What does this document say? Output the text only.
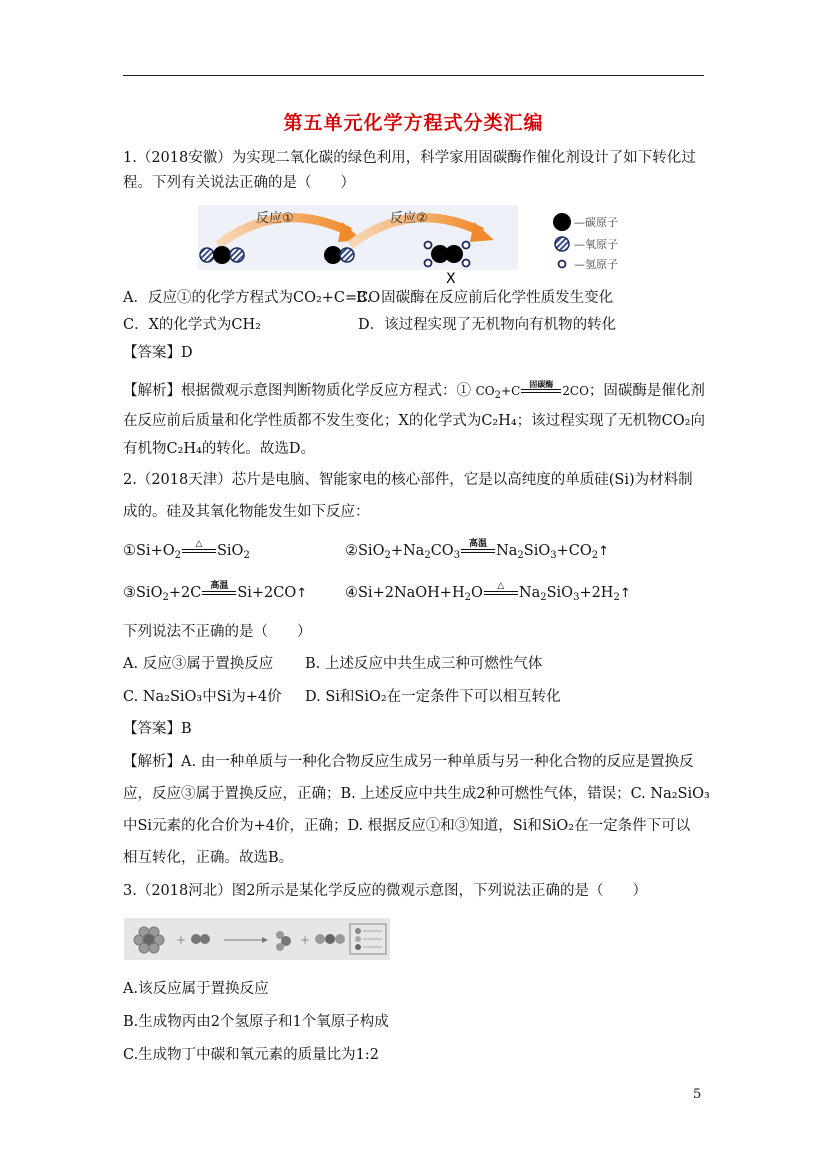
第五单元化学方程式分类汇编
1.（2018安徽）为实现二氧化碳的绿色利用，科学家用固碳酶作催化剂设计了如下转化过
程。下列有关说法正确的是（　　）
反应①	反应②
X
—碳原子
—氧原子
—氢原子
A．反应①的化学方程式为CO₂+C=CO
B．固碳酶在反应前后化学性质发生变化
C．X的化学式为CH₂	D．该过程实现了无机物向有机物的转化
【答案】D
【解析】根据微观示意图判断物质化学反应方程式：① $CO_2+C$	固碳酶 2CO；固碳酶是催化剂
在反应前后质量和化学性质都不发生变化；X的化学式为C₂H₄；该过程实现了无机物CO₂向
有机物C₂H₄的转化。故选D。
2.（2018天津）芯片是电脑、智能家电的核心部件，它是以高纯度的单质硅(Si)为材料制
成的。硅及其氧化物能发生如下反应：
$①Si+O_2$
△	SiO$_2$	$②SiO_2+Na_2CO_3$
高温 $Na_2SiO_3+CO_2↑$
③SiO$_2$+2C 高温 Si+2CO↑	$④Si+2NaOH+H_2O$	△	$Na_2SiO_3+2H_2↑$
下列说法不正确的是（　　）
A. 反应③属于置换反应 B. 上述反应中共生成三种可燃性气体
C. Na₂SiO₃中Si为+4价 D. Si和SiO₂在一定条件下可以相互转化
【答案】B
【解析】A. 由一种单质与一种化合物反应生成另一种单质与另一种化合物的反应是置换反
应，反应③属于置换反应，正确；B. 上述反应中共生成2种可燃性气体，错误；C. Na₂SiO₃
中Si元素的化合价为+4价，正确；D. 根据反应①和③知道，Si和SiO₂在一定条件下可以
相互转化，正确。故选B。
3.（2018河北）图2所示是某化学反应的微观示意图，下列说法正确的是（　　）
+	+
A.该反应属于置换反应
B.生成物丙由2个氢原子和1个氧原子构成
C.生成物丁中碳和氧元素的质量比为1:2
5
